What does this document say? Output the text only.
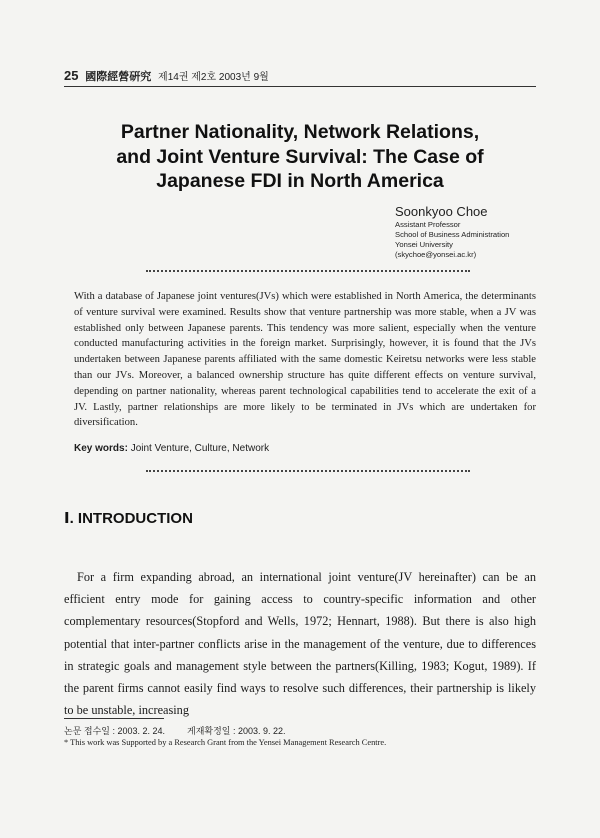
25 國際經營硏究 제14권 제2호 2003년 9월
Partner Nationality, Network Relations,
and Joint Venture Survival: The Case of
Japanese FDI in North America
Soonkyoo Choe
Assistant Professor
School of Business Administration
Yonsei University
(skychoe@yonsei.ac.kr)
With a database of Japanese joint ventures(JVs) which were established in North America, the determinants of venture survival were examined. Results show that venture partnership was more stable, when a JV was established only between Japanese parents. This tendency was more salient, especially when the venture conducted manufacturing activities in the foreign market. Surprisingly, however, it is found that the JVs undertaken between Japanese parents affiliated with the same domestic Keiretsu networks were less stable than our JVs. Moreover, a balanced ownership structure has quite different effects on venture survival, depending on partner nationality, whereas parent technological capabilities tend to accelerate the exit of a JV. Lastly, partner relationships are more likely to be terminated in JVs which are undertaken for diversification.
Key words: Joint Venture, Culture, Network
Ⅰ. INTRODUCTION

For a firm expanding abroad, an international joint venture(JV hereinafter) can be an efficient entry mode for gaining access to country-specific information and other complementary resources(Stopford and Wells, 1972; Hennart, 1988). But there is also high potential that inter-partner conflicts arise in the management of the venture, due to differences in strategic goals and management style between the partners(Killing, 1983; Kogut, 1989). If the parent firms cannot easily find ways to resolve such differences, their partnership is likely to be unstable, increasing

논문 접수일 : 2003. 2. 24. 게재확정일 : 2003. 9. 22.
* This work was Supported by a Research Grant from the Yensei Management Research Centre.
